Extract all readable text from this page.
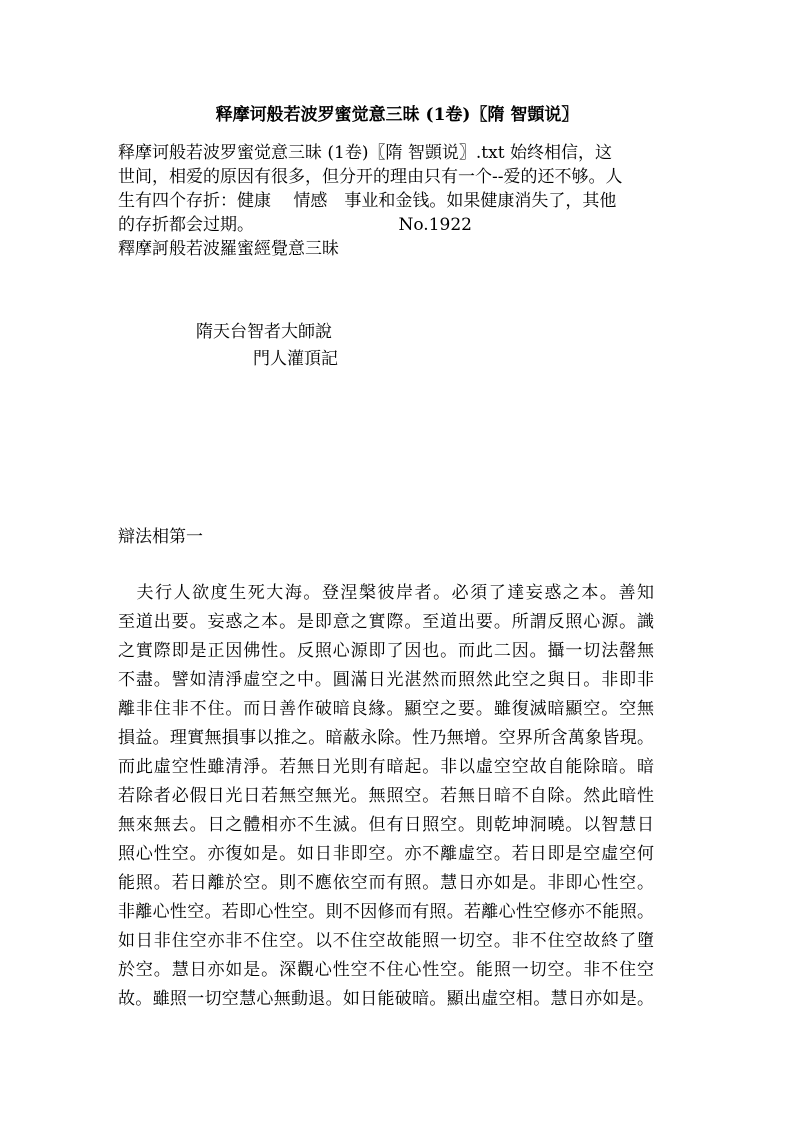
释摩诃般若波罗蜜觉意三昧 (1卷)〖隋 智顗说〗
释摩诃般若波罗蜜觉意三昧 (1卷)〖隋 智顗说〗.txt 始终相信，这
世间，相爱的原因有很多，但分开的理由只有一个--爱的还不够。人
生有四个存折：健康　 情感　事业和金钱。如果健康消失了，其他
的存折都会过期。　　　　　　　　　No.1922
釋摩訶般若波羅蜜經覺意三昧
隋天台智者大師說
門人灌頂記
辯法相第一
　夫行人欲度生死大海。登涅槃彼岸者。必須了達妄惑之本。善知
至道出要。妄惑之本。是即意之實際。至道出要。所謂反照心源。識
之實際即是正因佛性。反照心源即了因也。而此二因。攝一切法罄無
不盡。譬如清淨虛空之中。圓滿日光湛然而照然此空之與日。非即非
離非住非不住。而日善作破暗良緣。顯空之要。雖復滅暗顯空。空無
損益。理實無損事以推之。暗蔽永除。性乃無增。空界所含萬象皆現。
而此虛空性雖清淨。若無日光則有暗起。非以虛空空故自能除暗。暗
若除者必假日光日若無空無光。無照空。若無日暗不自除。然此暗性
無來無去。日之體相亦不生滅。但有日照空。則乾坤洞曉。以智慧日
照心性空。亦復如是。如日非即空。亦不離虛空。若日即是空虛空何
能照。若日離於空。則不應依空而有照。慧日亦如是。非即心性空。
非離心性空。若即心性空。則不因修而有照。若離心性空修亦不能照。
如日非住空亦非不住空。以不住空故能照一切空。非不住空故終了墮
於空。慧日亦如是。深觀心性空不住心性空。能照一切空。非不住空
故。雖照一切空慧心無動退。如日能破暗。顯出虛空相。慧日亦如是。
